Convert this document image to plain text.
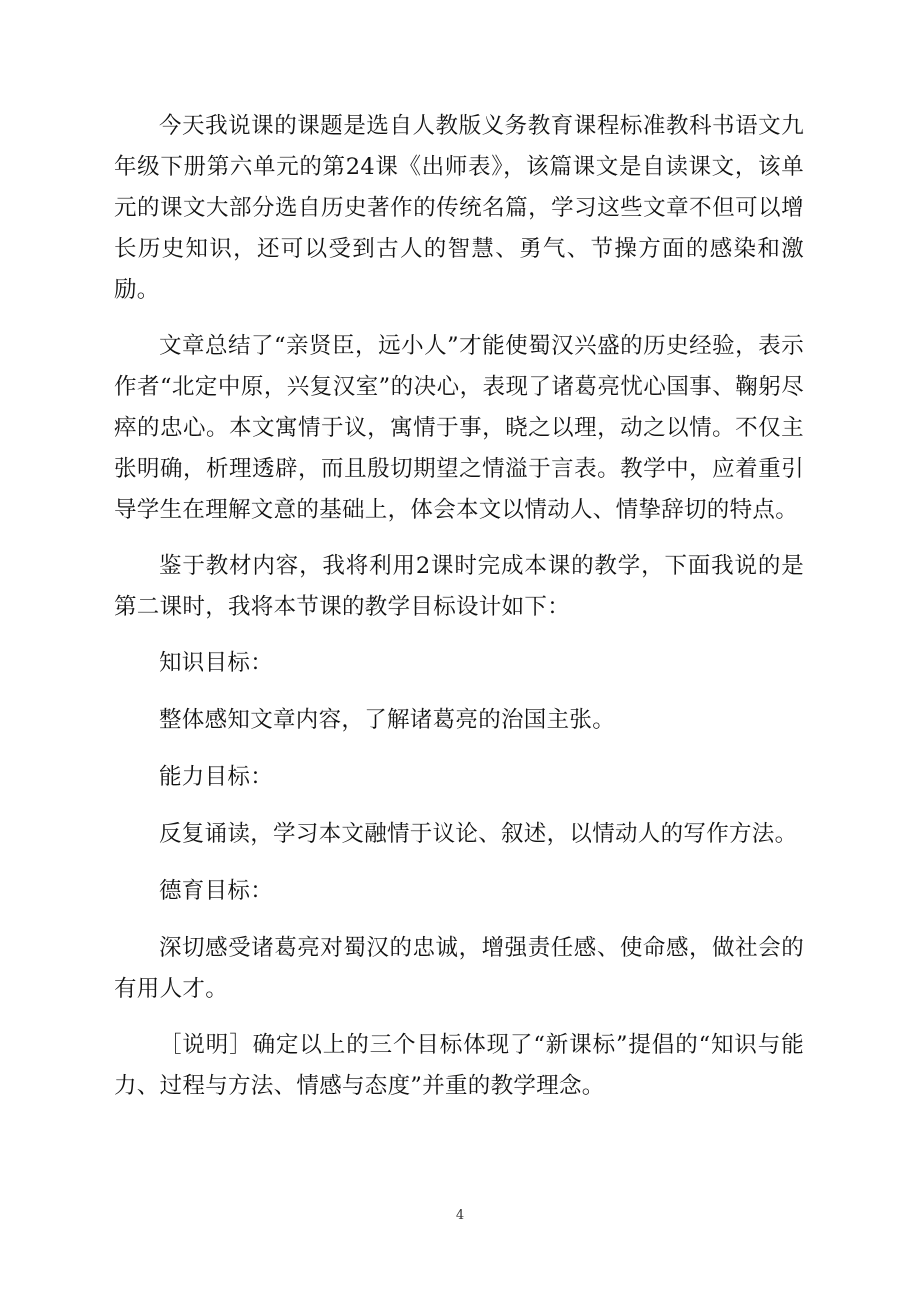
今天我说课的课题是选自人教版义务教育课程标准教科书语文九年级下册第六单元的第24课《出师表》，该篇课文是自读课文，该单元的课文大部分选自历史著作的传统名篇，学习这些文章不但可以增长历史知识，还可以受到古人的智慧、勇气、节操方面的感染和激励。

文章总结了“亲贤臣，远小人”才能使蜀汉兴盛的历史经验，表示作者“北定中原，兴复汉室”的决心，表现了诸葛亮忧心国事、鞠躬尽瘁的忠心。本文寓情于议，寓情于事，晓之以理，动之以情。不仅主张明确，析理透辟，而且殷切期望之情溢于言表。教学中，应着重引导学生在理解文意的基础上，体会本文以情动人、情挚辞切的特点。

鉴于教材内容，我将利用2课时完成本课的教学，下面我说的是第二课时，我将本节课的教学目标设计如下：

知识目标：

整体感知文章内容，了解诸葛亮的治国主张。

能力目标：

反复诵读，学习本文融情于议论、叙述，以情动人的写作方法。

德育目标：

深切感受诸葛亮对蜀汉的忠诚，增强责任感、使命感，做社会的有用人才。

［说明］确定以上的三个目标体现了“新课标”提倡的“知识与能力、过程与方法、情感与态度”并重的教学理念。

4
